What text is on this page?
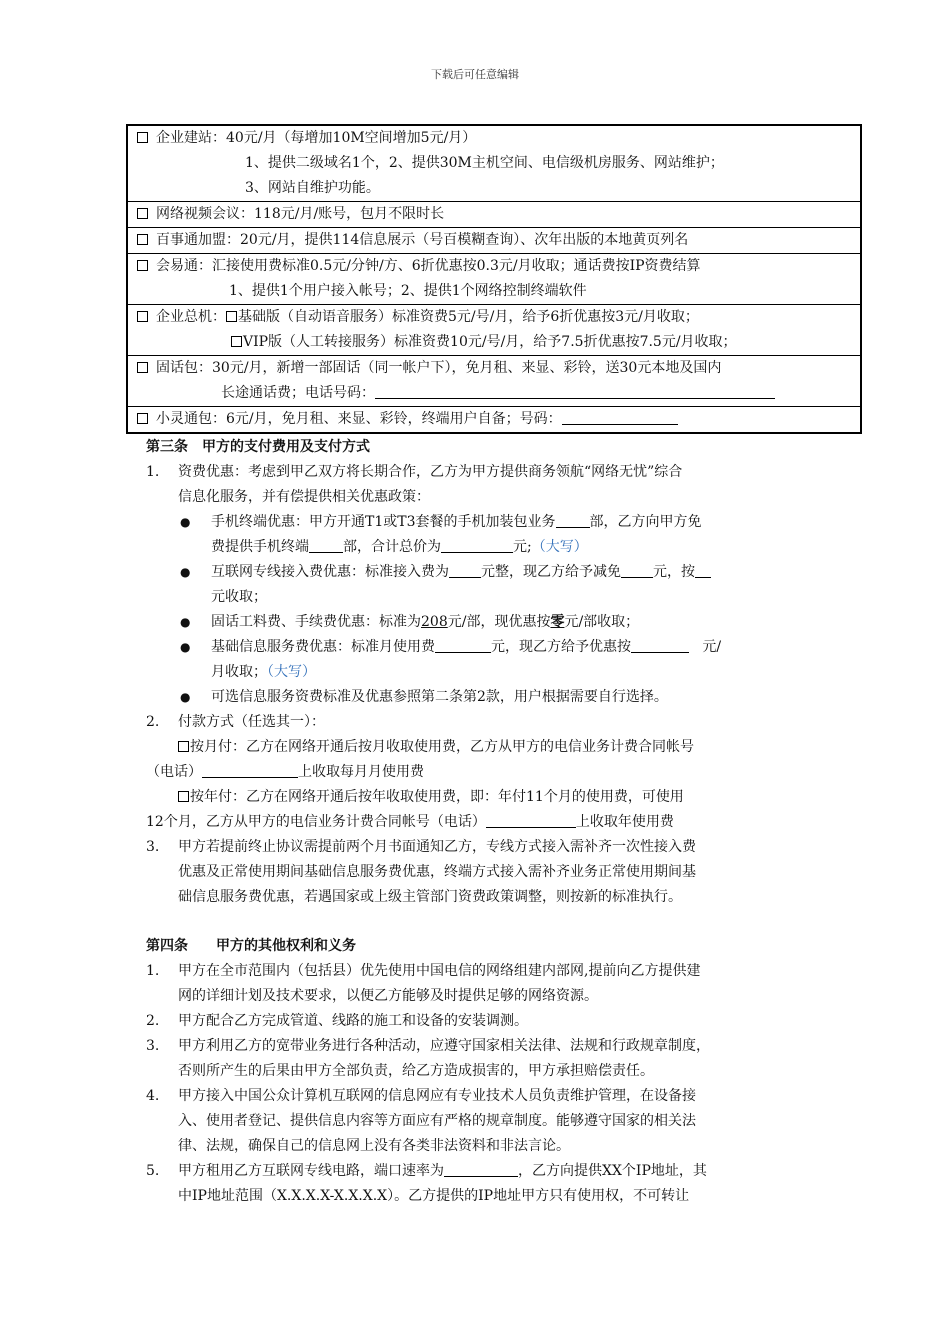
下载后可任意编辑
企业建站：40元/月（每增加10M空间增加5元/月）
1、提供二级域名1个，2、提供30M主机空间、电信级机房服务、网站维护；
3、网站自维护功能。
网络视频会议：118元/月/账号，包月不限时长
百事通加盟：20元/月，提供114信息展示（号百模糊查询）、次年出版的本地黄页列名
会易通：汇接使用费标准0.5元/分钟/方、6折优惠按0.3元/月收取；通话费按IP资费结算
1、提供1个用户接入帐号；2、提供1个网络控制终端软件
企业总机： 基础版（自动语音服务）标准资费5元/号/月，给予6折优惠按3元/月收取；
VIP版（人工转接服务）标准资费10元/号/月，给予7.5折优惠按7.5元/月收取；
固话包：30元/月，新增一部固话（同一帐户下），免月租、来显、彩铃，送30元本地及国内
长途通话费；电话号码：
小灵通包：6元/月，免月租、来显、彩铃，终端用户自备；号码：
第三条　甲方的支付费用及支付方式
1. 资费优惠：考虑到甲乙双方将长期合作，乙方为甲方提供商务领航“网络无忧”综合
信息化服务，并有偿提供相关优惠政策：
● 手机终端优惠：甲方开通T1或T3套餐的手机加装包业务 部，乙方向甲方免
费提供手机终端 部，合计总价为	元;（大写）
● 互联网专线接入费优惠：标准接入费为 元整，现乙方给予减免 元，按
元收取；
● 固话工料费、手续费优惠：标准为208元/部，现优惠按零元/部收取；
● 基础信息服务费优惠：标准月使用费	元，现乙方给予优惠按	元/
月收取；（大写）
● 可选信息服务资费标准及优惠参照第二条第2款，用户根据需要自行选择。
2. 付款方式（任选其一）：
按月付：乙方在网络开通后按月收取使用费，乙方从甲方的电信业务计费合同帐号
（电话）	上收取每月月使用费
按年付：乙方在网络开通后按年收取使用费，即：年付11个月的使用费，可使用
12个月，乙方从甲方的电信业务计费合同帐号（电话）	上收取年使用费
3. 甲方若提前终止协议需提前两个月书面通知乙方，专线方式接入需补齐一次性接入费
优惠及正常使用期间基础信息服务费优惠，终端方式接入需补齐业务正常使用期间基
础信息服务费优惠，若遇国家或上级主管部门资费政策调整，则按新的标准执行。
第四条　　甲方的其他权利和义务
1. 甲方在全市范围内（包括县）优先使用中国电信的网络组建内部网,提前向乙方提供建
网的详细计划及技术要求，以便乙方能够及时提供足够的网络资源。
2. 甲方配合乙方完成管道、线路的施工和设备的安装调测。
3. 甲方利用乙方的宽带业务进行各种活动，应遵守国家相关法律、法规和行政规章制度，
否则所产生的后果由甲方全部负责，给乙方造成损害的，甲方承担赔偿责任。
4. 甲方接入中国公众计算机互联网的信息网应有专业技术人员负责维护管理，在设备接
入、使用者登记、提供信息内容等方面应有严格的规章制度。能够遵守国家的相关法
律、法规，确保自己的信息网上没有各类非法资料和非法言论。
5. 甲方租用乙方互联网专线电路，端口速率为	，乙方向提供XX个IP地址，其
中IP地址范围（X.X.X.X-X.X.X.X）。乙方提供的IP地址甲方只有使用权，不可转让
